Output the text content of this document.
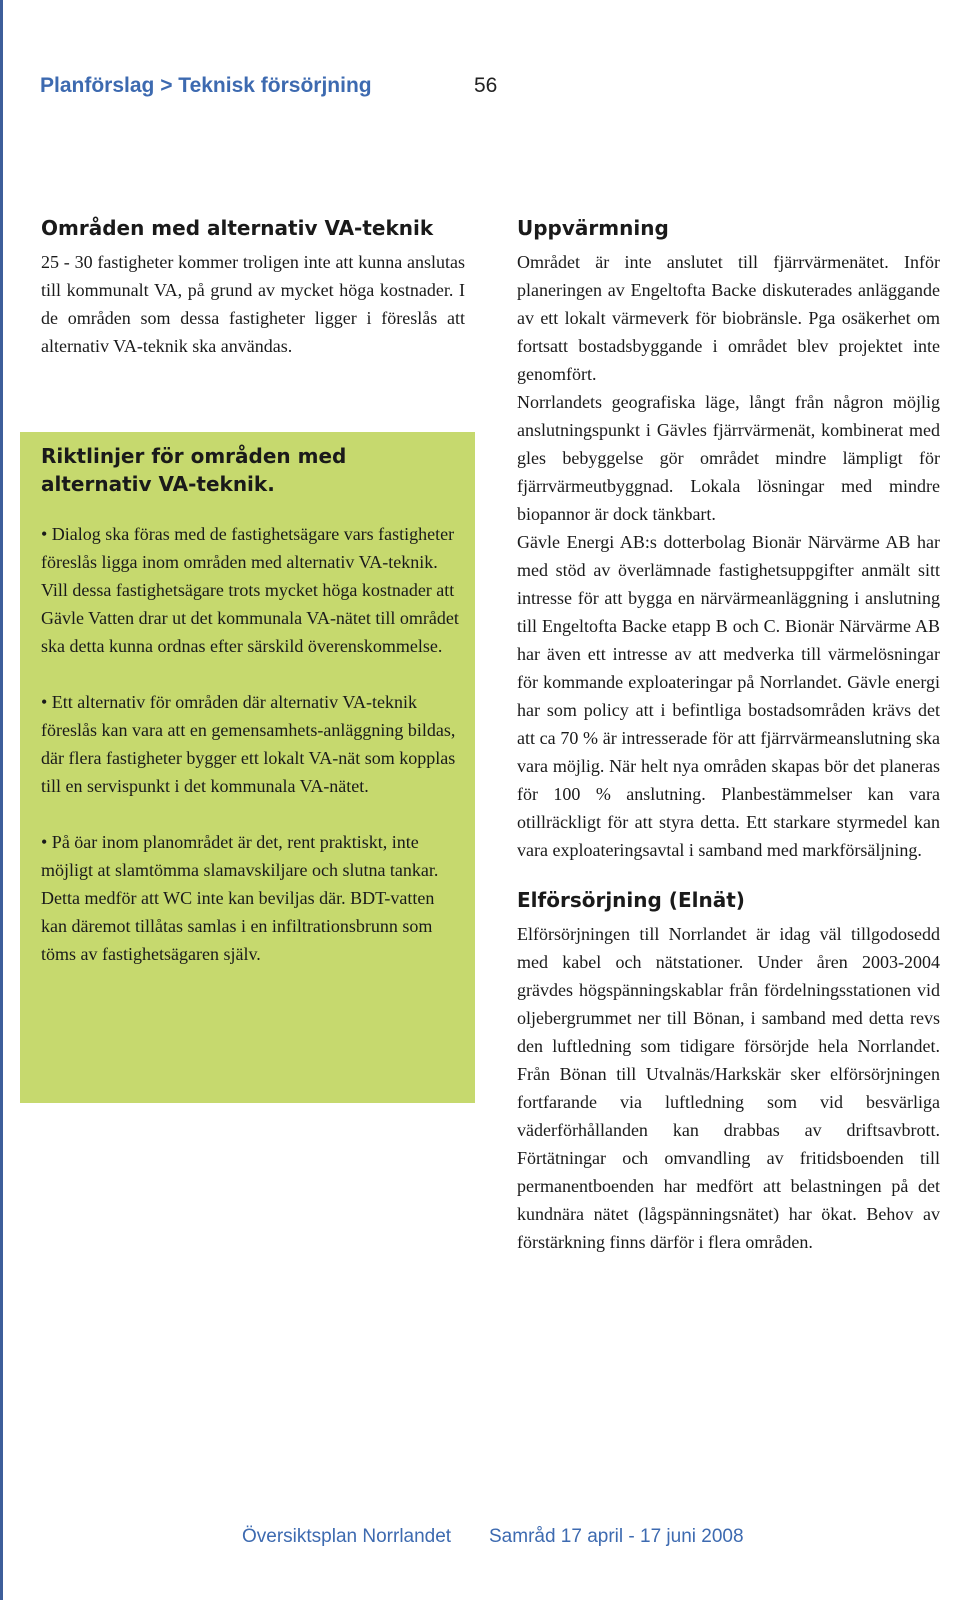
Planförslag > Teknisk försörjning	56
Områden med alternativ VA-teknik

25 - 30 fastigheter kommer troligen inte att kunna anslutas till kommunalt VA, på grund av mycket höga kostnader. I de områden som dessa fastigheter ligger i föreslås att alternativ VA-teknik ska användas.

Riktlinjer för områden med alternativ VA-teknik.

• Dialog ska föras med de fastighetsägare vars fastigheter föreslås ligga inom områden med alternativ VA-teknik. Vill dessa fastighetsägare trots mycket höga kostnader att Gävle Vatten drar ut det kommunala VA-nätet till området ska detta kunna ordnas efter särskild överenskommelse.

• Ett alternativ för områden där alternativ VA-teknik föreslås kan vara att en gemensamhets-anläggning bildas, där flera fastigheter bygger ett lokalt VA-nät som kopplas till en servispunkt i det kommunala VA-nätet.

• På öar inom planområdet är det, rent praktiskt, inte möjligt at slamtömma slamavskiljare och slutna tankar. Detta medför att WC inte kan beviljas där. BDT-vatten kan däremot tillåtas samlas i en infiltrationsbrunn som töms av fastighetsägaren själv.

Uppvärmning

Området är inte anslutet till fjärrvärmenätet. Inför planeringen av Engeltofta Backe diskuterades anläggande av ett lokalt värmeverk för biobränsle. Pga osäkerhet om fortsatt bostadsbyggande i området blev projektet inte genomfört.

Norrlandets geografiska läge, långt från någron möjlig anslutningspunkt i Gävles fjärrvärmenät, kombinerat med gles bebyggelse gör området mindre lämpligt för fjärrvärmeutbyggnad. Lokala lösningar med mindre biopannor är dock tänkbart.

Gävle Energi AB:s dotterbolag Bionär Närvärme AB har med stöd av överlämnade fastighetsuppgifter anmält sitt intresse för att bygga en närvärmeanläggning i anslutning till Engeltofta Backe etapp B och C. Bionär Närvärme AB har även ett intresse av att medverka till värmelösningar för kommande exploateringar på Norrlandet. Gävle energi har som policy att i befintliga bostadsområden krävs det att ca 70 % är intresserade för att fjärrvärmeanslutning ska vara möjlig. När helt nya områden skapas bör det planeras för 100 % anslutning. Planbestämmelser kan vara otillräckligt för att styra detta. Ett starkare styrmedel kan vara exploateringsavtal i samband med markförsäljning.

Elförsörjning (Elnät)

Elförsörjningen till Norrlandet är idag väl tillgodosedd med kabel och nätstationer. Under åren 2003-2004 grävdes högspänningskablar från fördelningsstationen vid oljebergrummet ner till Bönan, i samband med detta revs den luftledning som tidigare försörjde hela Norrlandet. Från Bönan till Utvalnäs/Harkskär sker elförsörjningen fortfarande via luftledning som vid besvärliga väderförhållanden kan drabbas av driftsavbrott. Förtätningar och omvandling av fritidsboenden till permanentboenden har medfört att belastningen på det kundnära nätet (lågspänningsnätet) har ökat. Behov av förstärkning finns därför i flera områden.

Översiktsplan Norrlandet Samråd 17 april - 17 juni 2008
